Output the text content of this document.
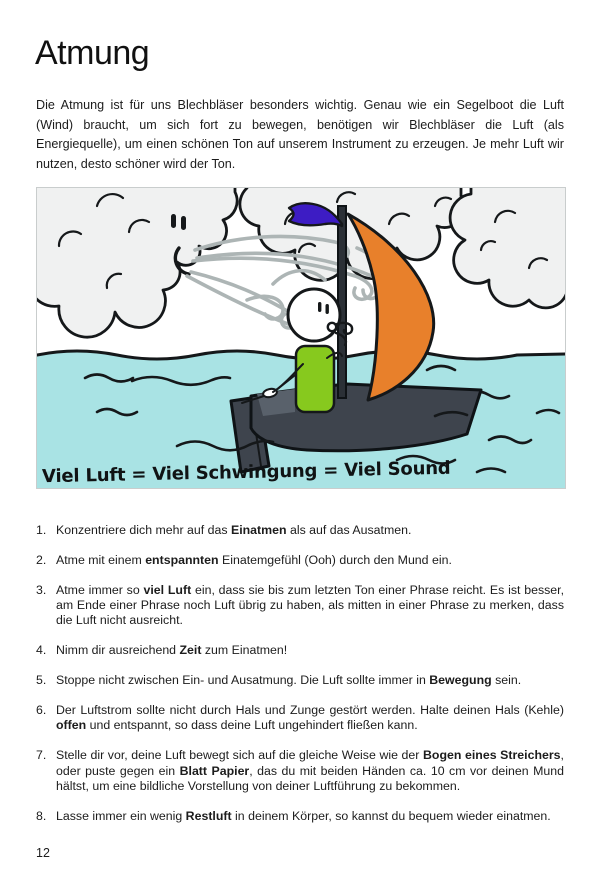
Atmung

Die Atmung ist für uns Blechbläser besonders wichtig. Genau wie ein Segelboot die Luft (Wind) braucht, um sich fort zu bewegen, benötigen wir Blechbläser die Luft (als Energiequelle), um einen schönen Ton auf unserem Instrument zu erzeugen. Je mehr Luft wir nutzen, desto schöner wird der Ton.

Viel Luft = Viel Schwingung = Viel Sound
1. Konzentriere dich mehr auf das Einatmen als auf das Ausatmen.

2. Atme mit einem entspannten Einatemgefühl (Ooh) durch den Mund ein.

3. Atme immer so viel Luft ein, dass sie bis zum letzten Ton einer Phrase reicht. Es ist besser, am Ende einer Phrase noch Luft übrig zu haben, als mitten in einer Phrase zu merken, dass die Luft nicht ausreicht.

4. Nimm dir ausreichend Zeit zum Einatmen!

5. Stoppe nicht zwischen Ein- und Ausatmung. Die Luft sollte immer in Bewegung sein.

6. Der Luftstrom sollte nicht durch Hals und Zunge gestört werden. Halte deinen Hals (Kehle) offen und entspannt, so dass deine Luft ungehindert fließen kann.

7. Stelle dir vor, deine Luft bewegt sich auf die gleiche Weise wie der Bogen eines Streichers, oder puste gegen ein Blatt Papier, das du mit beiden Händen ca. 10 cm vor deinen Mund hältst, um eine bildliche Vorstellung von deiner Luftführung zu bekommen.

8. Lasse immer ein wenig Restluft in deinem Körper, so kannst du bequem wieder einatmen.

12
